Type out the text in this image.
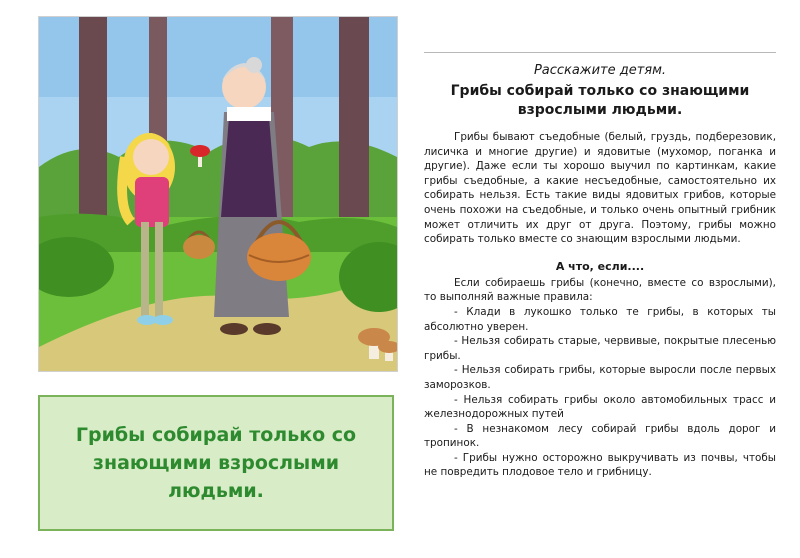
Грибы собирай только со знающими взрослыми людьми.

Расскажите детям.

Грибы собирай только со знающими взрослыми людьми.

Грибы бывают съедобные (белый, груздь, подберезовик, лисичка и многие другие) и ядовитые (мухомор, поганка и другие). Даже если ты хорошо выучил по картинкам, какие грибы съедобные, а какие несъедобные, самостоятельно их собирать нельзя. Есть такие виды ядовитых грибов, которые очень похожи на съедобные, и только очень опытный грибник может отличить их друг от друга. Поэтому, грибы можно собирать только вместе со знающим взрослыми людьми.

А что, если....

Если собираешь грибы (конечно, вместе со взрослыми), то выполняй важные правила:

- Клади в лукошко только те грибы, в которых ты абсолютно уверен.

- Нельзя собирать старые, червивые, покрытые плесенью грибы.

- Нельзя собирать грибы, которые выросли после первых заморозков.

- Нельзя собирать грибы около автомобильных трасс и железнодорожных путей

- В незнакомом лесу собирай грибы вдоль дорог и тропинок.

- Грибы нужно осторожно выкручивать из почвы, чтобы не повредить плодовое тело и грибницу.
